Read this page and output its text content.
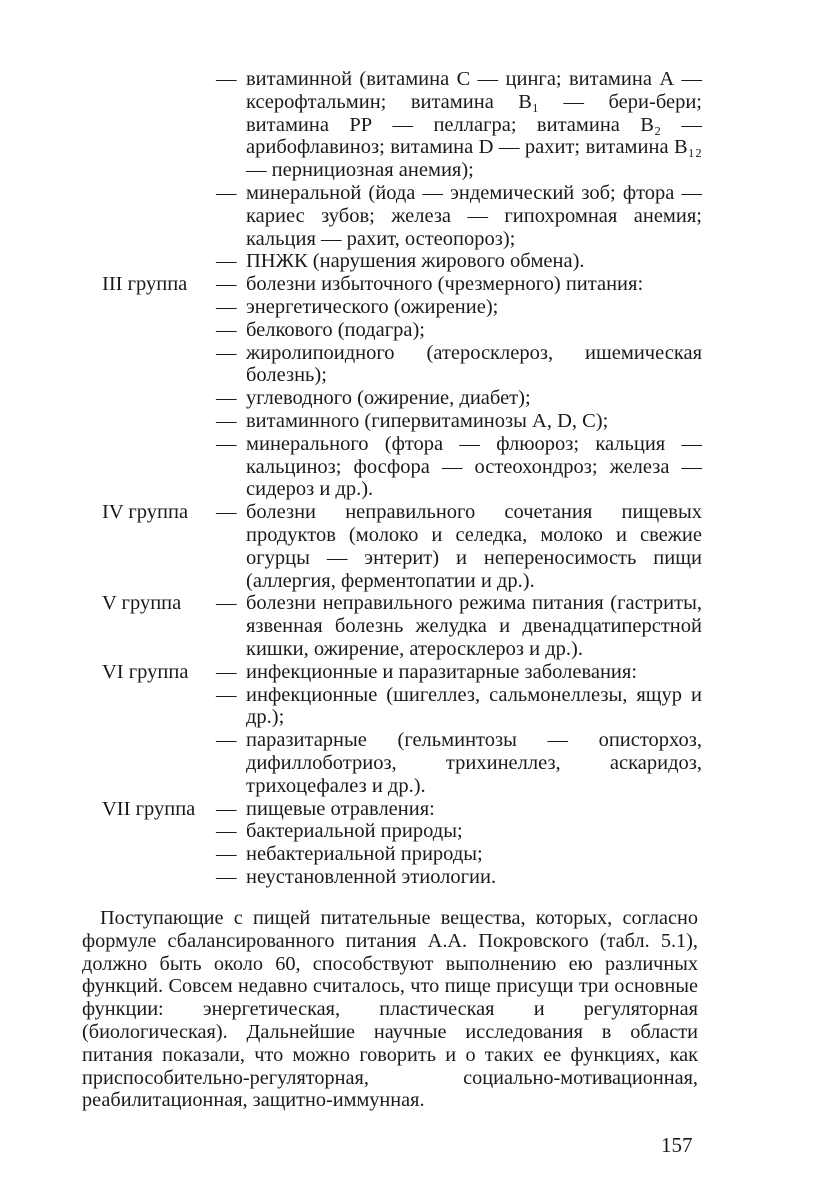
— витаминной (витамина С — цинга; витамина А — ксерофтальмин; витамина В₁ — бери-бери; витамина РР — пеллагра; витамина В₂ — арибофлавиноз; витамина D — рахит; витамина В₁₂ — пернициозная анемия);
— минеральной (йода — эндемический зоб; фтора — кариес зубов; железа — гипохромная анемия; кальция — рахит, остеопороз);
— ПНЖК (нарушения жирового обмена).
III группа	— болезни избыточного (чрезмерного) питания:
— энергетического (ожирение);
— белкового (подагра);
— жиролипоидного (атеросклероз, ишемическая болезнь);
— углеводного (ожирение, диабет);
— витаминного (гипервитаминозы А, D, С);
— минерального (фтора — флюороз; кальция — кальциноз; фосфора — остеохондроз; железа — сидероз и др.).
IV группа	— болезни неправильного сочетания пищевых продуктов (молоко и селедка, молоко и свежие огурцы — энтерит) и непереносимость пищи (аллергия, ферментопатии и др.).
V группа	— болезни неправильного режима питания (гастриты, язвенная болезнь желудка и двенадцатиперстной кишки, ожирение, атеросклероз и др.).
VI группа	— инфекционные и паразитарные заболевания:
— инфекционные (шигеллез, сальмонеллезы, ящур и др.);
— паразитарные (гельминтозы — описторхоз, дифиллоботриоз, трихинеллез, аскаридоз, трихоцефалез и др.).
VII группа	— пищевые отравления:
— бактериальной природы;
— небактериальной природы;
— неустановленной этиологии.

Поступающие с пищей питательные вещества, которых, согласно формуле сбалансированного питания А.А. Покровского (табл. 5.1), должно быть около 60, способствуют выполнению ею различных функций. Совсем недавно считалось, что пище присущи три основные функции: энергетическая, пластическая и регуляторная (биологическая). Дальнейшие научные исследования в области питания показали, что можно говорить и о таких ее функциях, как приспособительно-регуляторная, социально-мотивационная, реабилитационная, защитно-иммунная.

157
